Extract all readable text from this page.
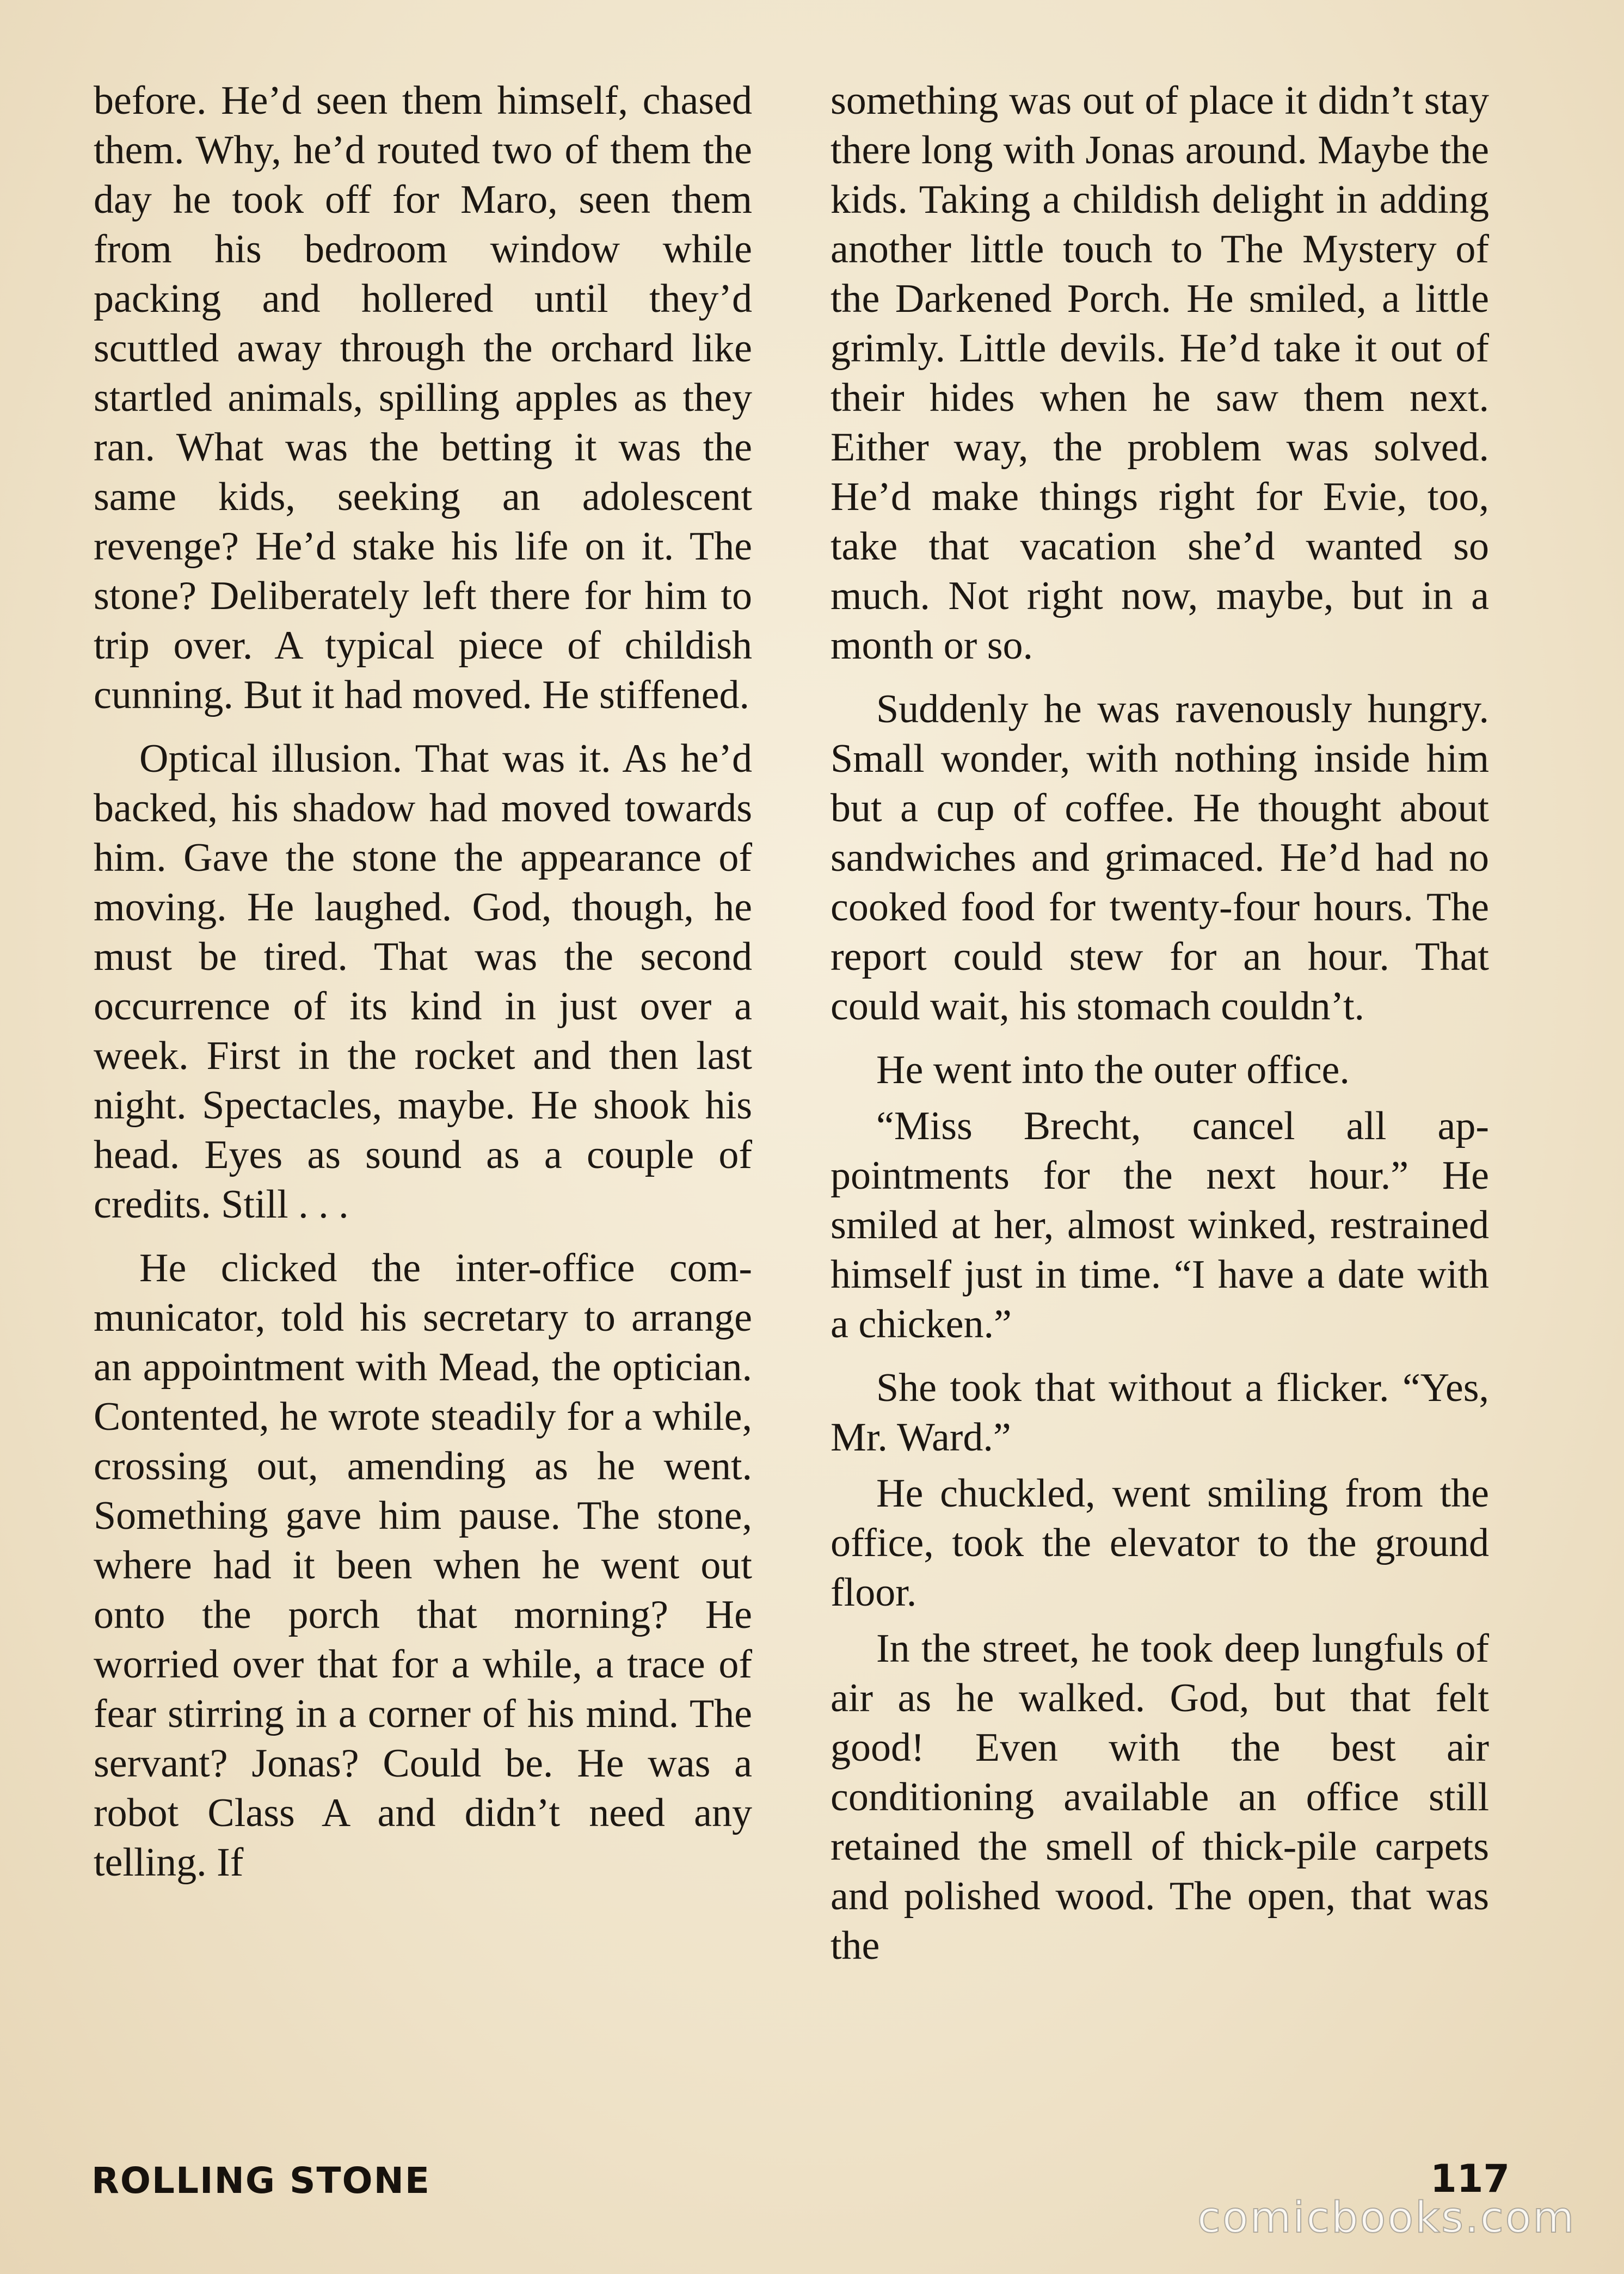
before. He’d seen them himself, chased them. Why, he’d routed two of them the day he took off for Maro, seen them from his bedroom window while packing and hollered until they’d scuttled away through the orchard like startled animals, spilling apples as they ran. What was the betting it was the same kids, seeking an adolescent revenge? He’d stake his life on it. The stone? Deliberately left there for him to trip over. A typical piece of childish cunning. But it had moved. He stiffened.

Optical illusion. That was it. As he’d backed, his shadow had moved towards him. Gave the stone the appearance of moving. He laughed. God, though, he must be tired. That was the second occurrence of its kind in just over a week. First in the rocket and then last night. Spectacles, maybe. He shook his head. Eyes as sound as a couple of credits. Still . . .

He clicked the inter-office communicator, told his secretary to arrange an appointment with Mead, the optician. Contented, he wrote steadily for a while, crossing out, amending as he went. Something gave him pause. The stone, where had it been when he went out onto the porch that morning? He worried over that for a while, a trace of fear stirring in a corner of his mind. The servant? Jonas? Could be. He was a robot Class A and didn’t need any telling. If

something was out of place it didn’t stay there long with Jonas around. Maybe the kids. Taking a childish delight in adding another little touch to The Mystery of the Darkened Porch. He smiled, a little grimly. Little devils. He’d take it out of their hides when he saw them next. Either way, the problem was solved. He’d make things right for Evie, too, take that vacation she’d wanted so much. Not right now, maybe, but in a month or so.

Suddenly he was ravenously hungry. Small wonder, with nothing inside him but a cup of coffee. He thought about sandwiches and grimaced. He’d had no cooked food for twenty-four hours. The report could stew for an hour. That could wait, his stomach couldn’t.

He went into the outer office.

“Miss Brecht, cancel all appointments for the next hour.” He smiled at her, almost winked, restrained himself just in time. “I have a date with a chicken.”

She took that without a flicker. “Yes, Mr. Ward.”

He chuckled, went smiling from the office, took the elevator to the ground floor.

In the street, he took deep lungfuls of air as he walked. God, but that felt good! Even with the best air conditioning available an office still retained the smell of thick-pile carpets and polished wood. The open, that was the

ROLLING STONE	117
comicbooks.com
